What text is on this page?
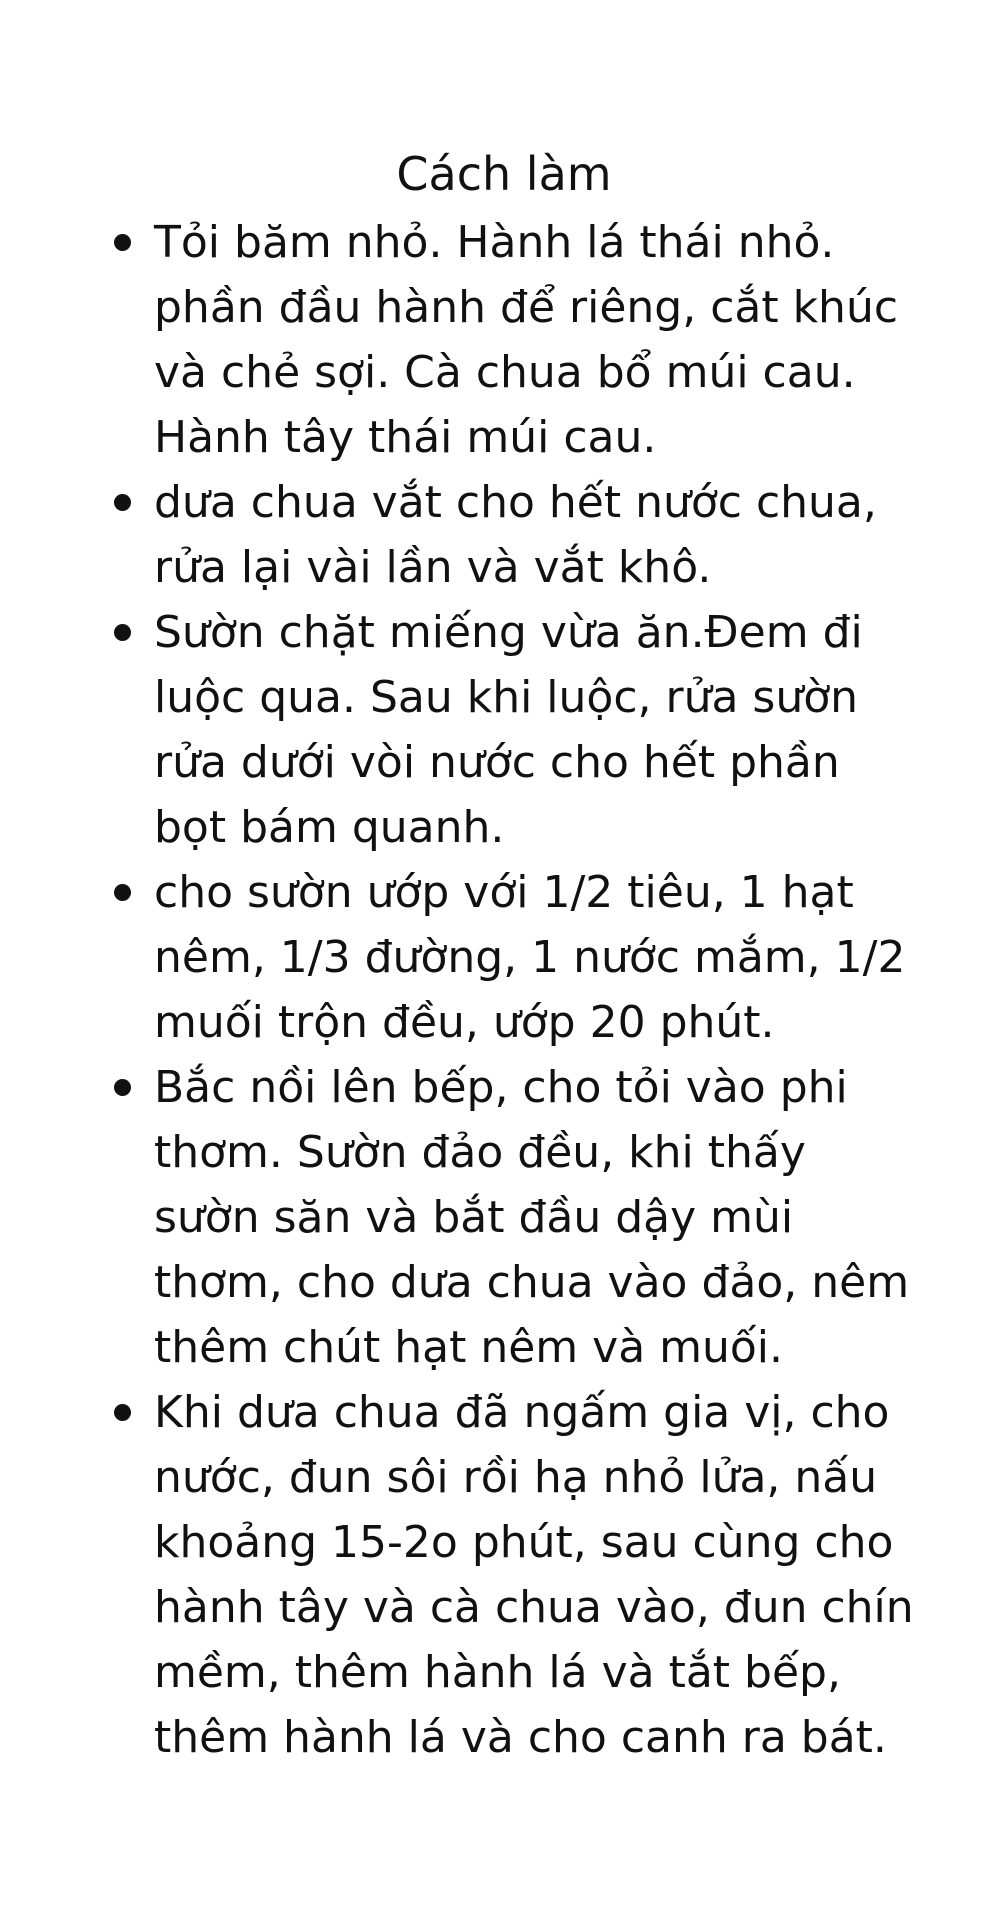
Cách làm
Tỏi băm nhỏ. Hành lá thái nhỏ.
phần đầu hành để riêng, cắt khúc
và chẻ sợi. Cà chua bổ múi cau.
Hành tây thái múi cau.
dưa chua vắt cho hết nước chua,
rửa lại vài lần và vắt khô.
Sườn chặt miếng vừa ăn.Đem đi
luộc qua. Sau khi luộc, rửa sườn
rửa dưới vòi nước cho hết phần
bọt bám quanh.
cho sườn ướp với 1/2 tiêu, 1 hạt
nêm, 1/3 đường, 1 nước mắm, 1/2
muối trộn đều, ướp 20 phút.
Bắc nồi lên bếp, cho tỏi vào phi
thơm. Sườn đảo đều, khi thấy
sườn săn và bắt đầu dậy mùi
thơm, cho dưa chua vào đảo, nêm
thêm chút hạt nêm và muối.
Khi dưa chua đã ngấm gia vị, cho
nước, đun sôi rồi hạ nhỏ lửa, nấu
khoảng 15-2o phút, sau cùng cho
hành tây và cà chua vào, đun chín
mềm, thêm hành lá và tắt bếp,
thêm hành lá và cho canh ra bát.
